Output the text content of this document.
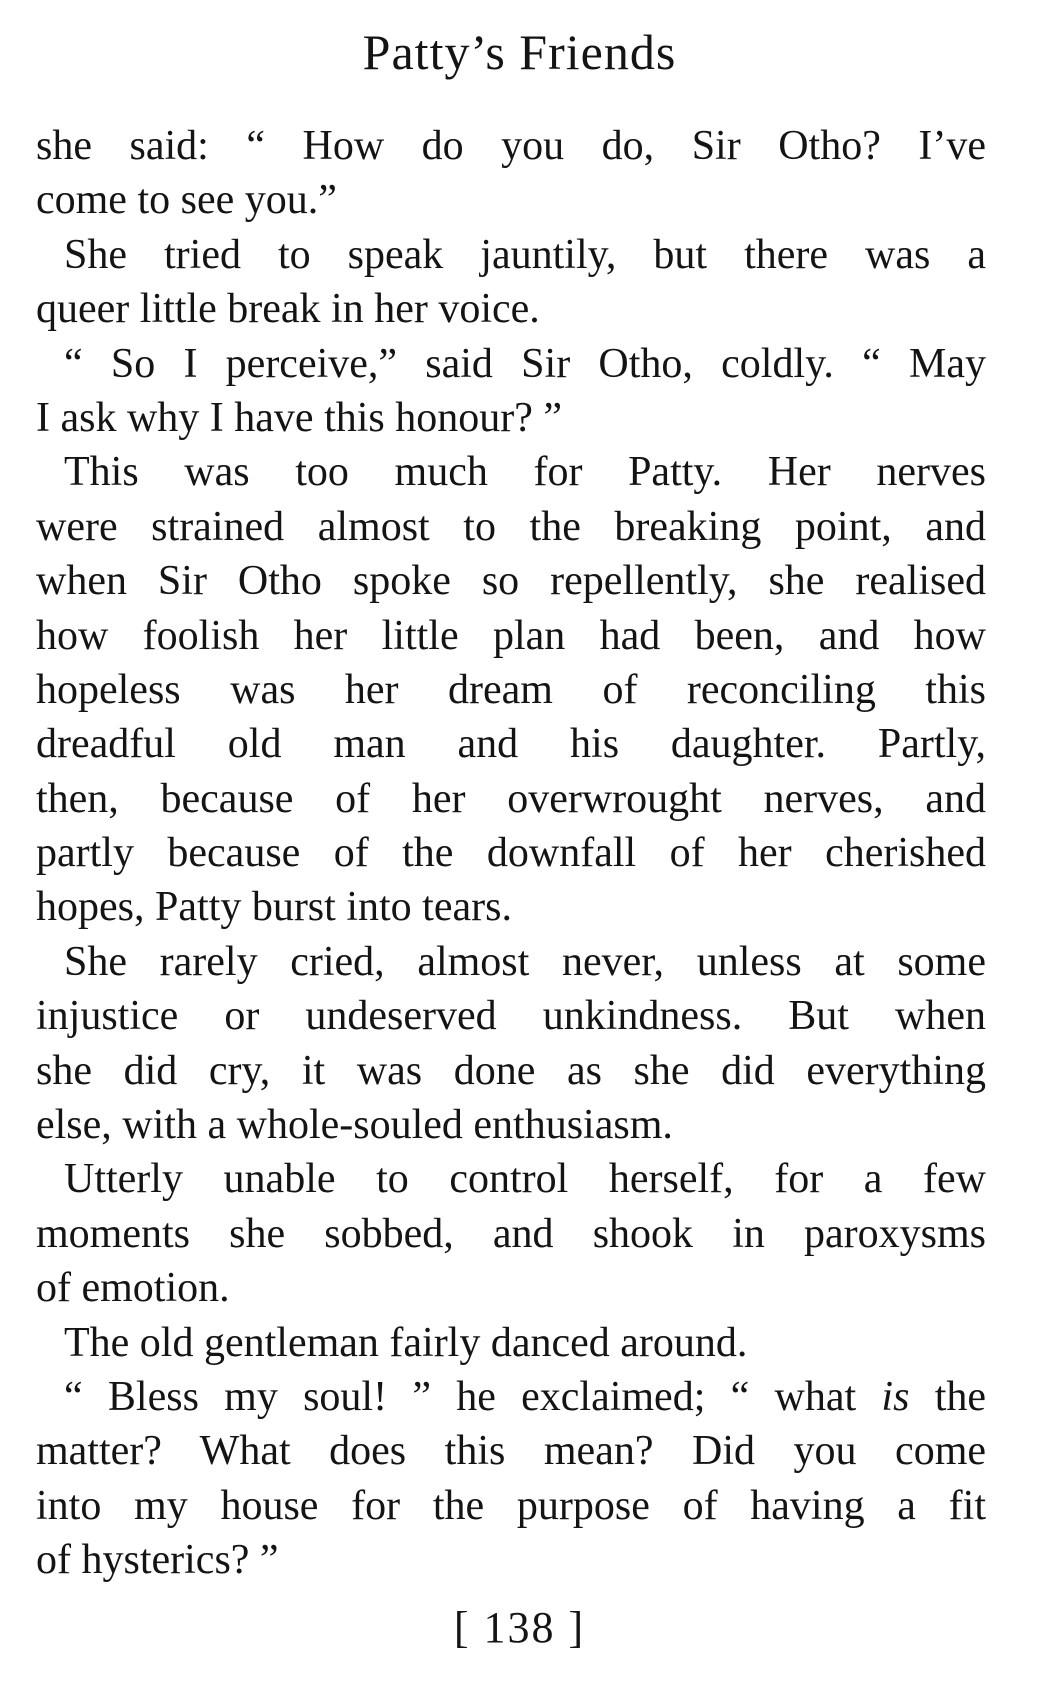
Patty’s Friends
she said: “ How do you do, Sir Otho? I’ve
come to see you.”
She tried to speak jauntily, but there was a
queer little break in her voice.
“ So I perceive,” said Sir Otho, coldly. “ May
I ask why I have this honour? ”
This was too much for Patty. Her nerves
were strained almost to the breaking point, and
when Sir Otho spoke so repellently, she realised
how foolish her little plan had been, and how
hopeless was her dream of reconciling this
dreadful old man and his daughter. Partly,
then, because of her overwrought nerves, and
partly because of the downfall of her cherished
hopes, Patty burst into tears.
She rarely cried, almost never, unless at some
injustice or undeserved unkindness. But when
she did cry, it was done as she did everything
else, with a whole-souled enthusiasm.
Utterly unable to control herself, for a few
moments she sobbed, and shook in paroxysms
of emotion.
The old gentleman fairly danced around.
“ Bless my soul! ” he exclaimed; “ what is the
matter? What does this mean? Did you come
into my house for the purpose of having a fit
of hysterics? ”
[ 138 ]
